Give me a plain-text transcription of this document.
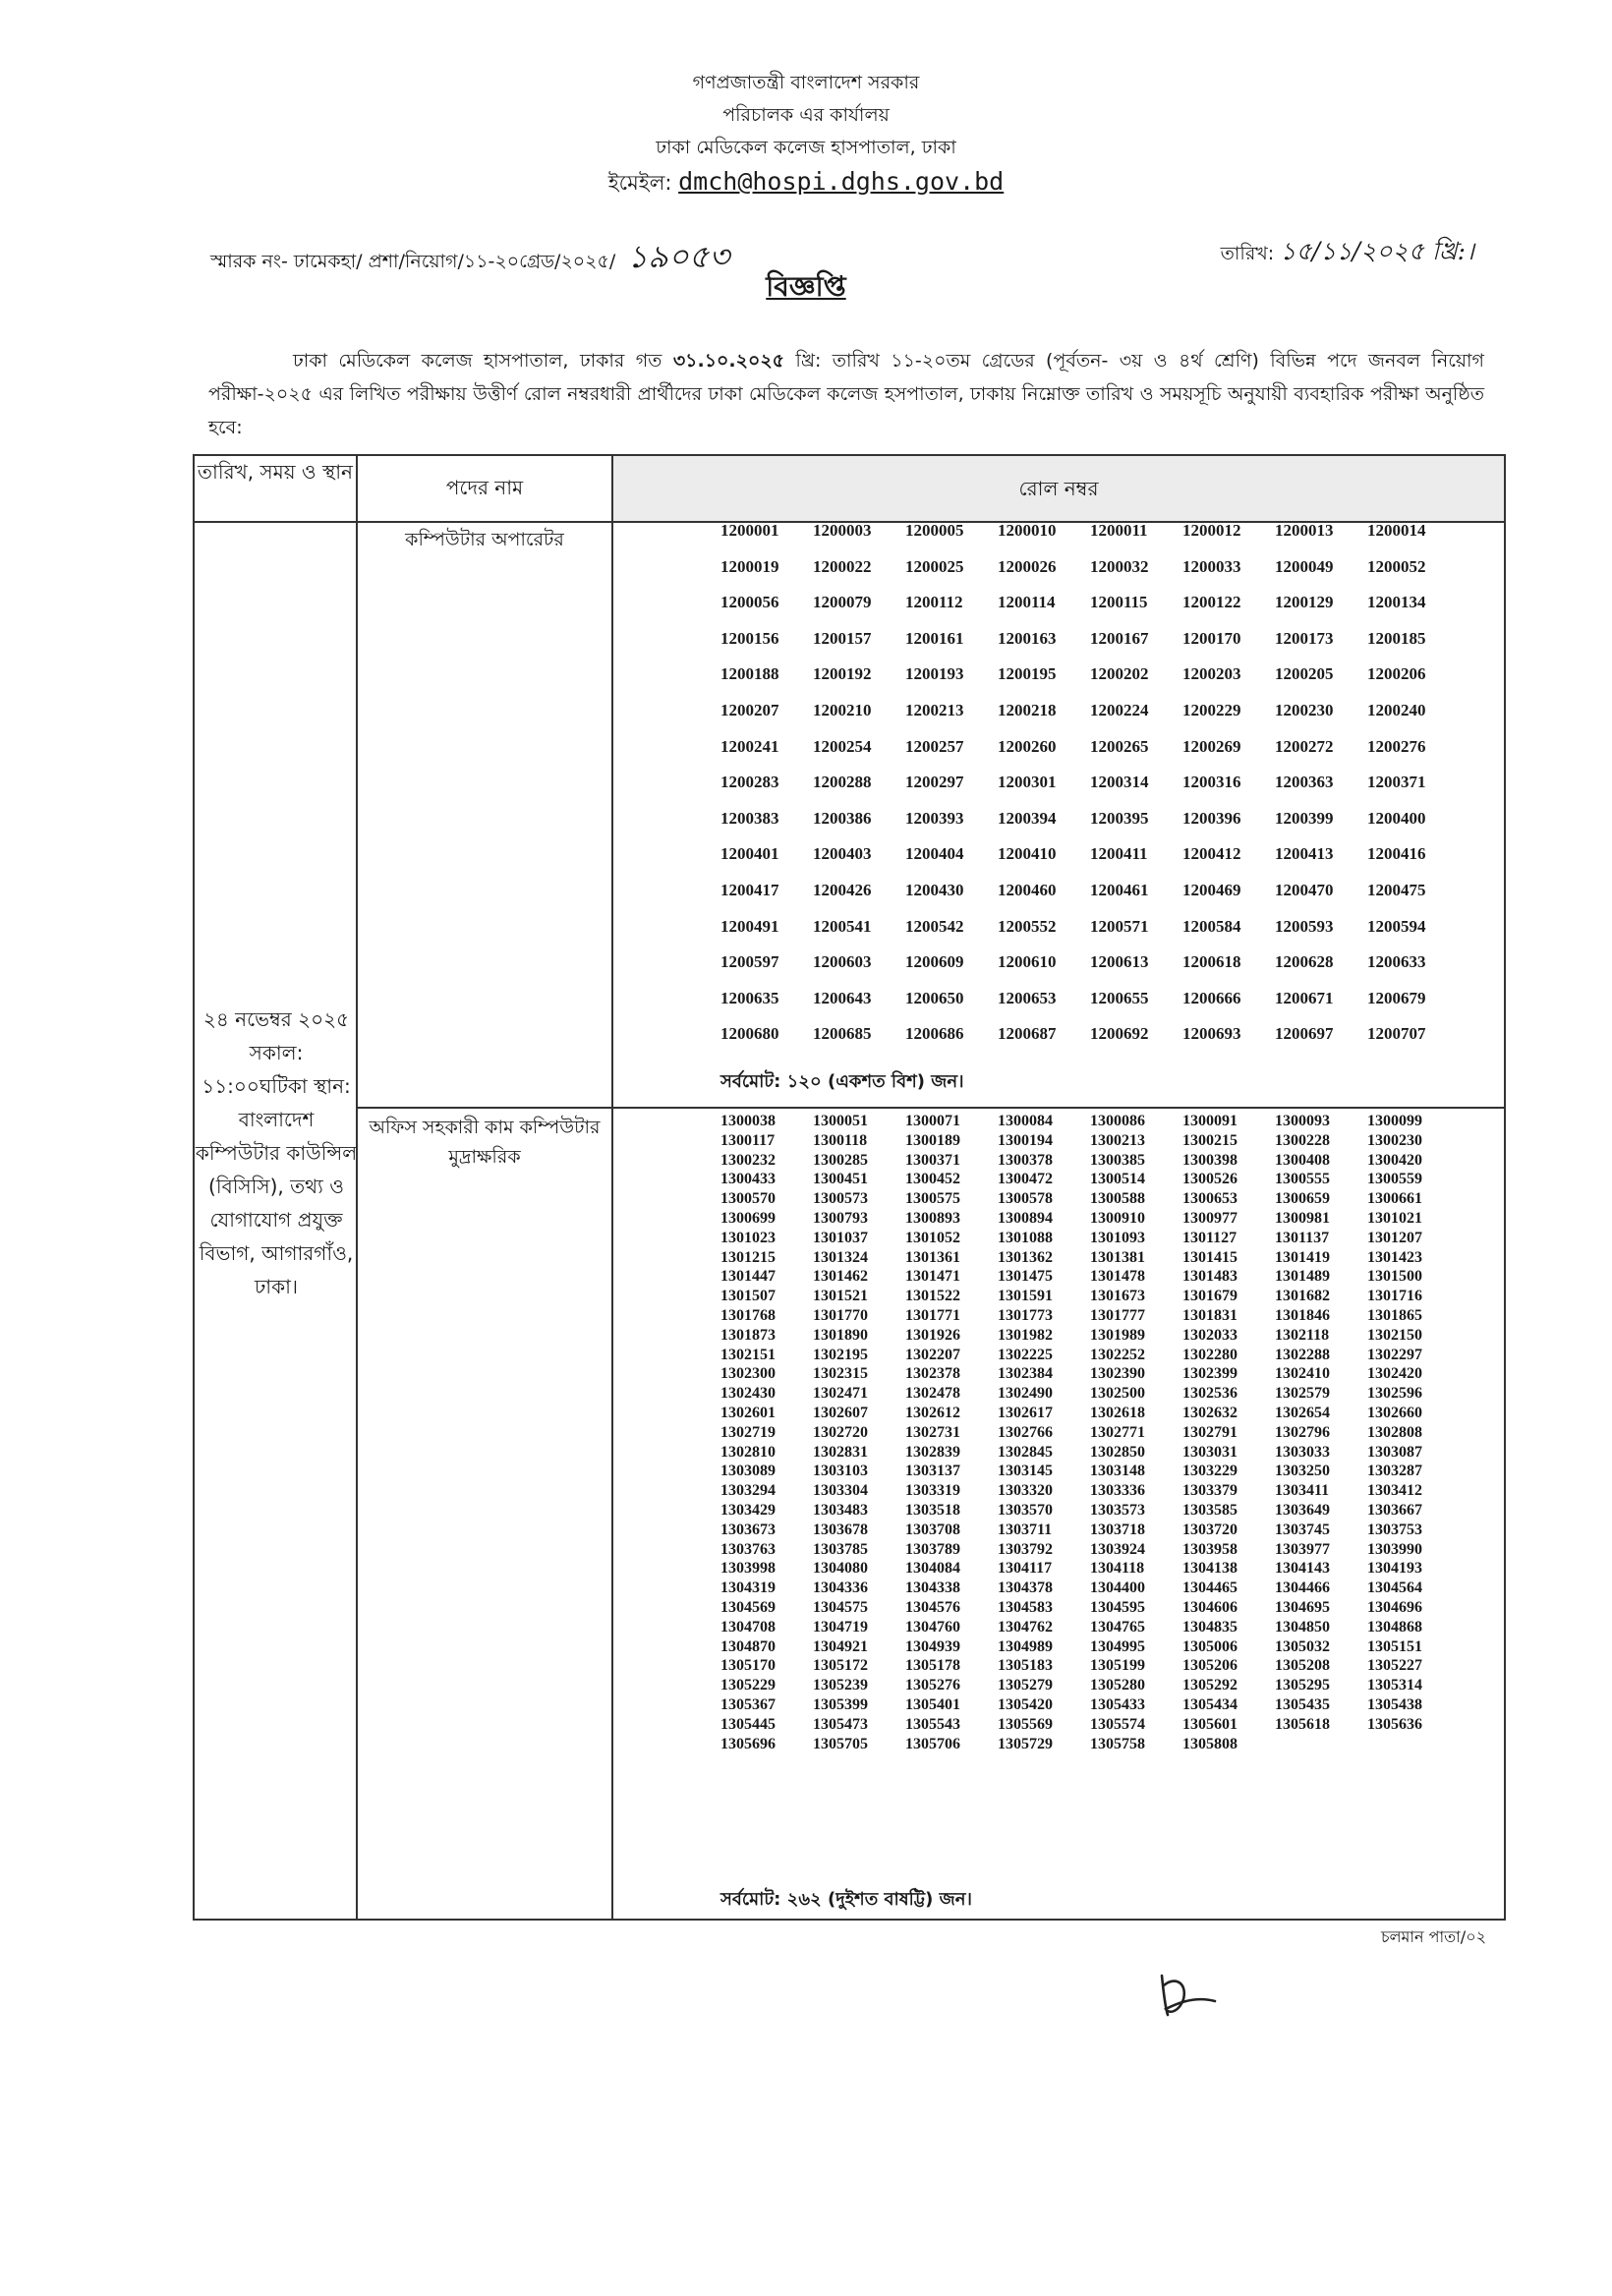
গণপ্রজাতন্ত্রী বাংলাদেশ সরকার
পরিচালক এর কার্যালয়
ঢাকা মেডিকেল কলেজ হাসপাতাল, ঢাকা
ইমেইল: dmch@hospi.dghs.gov.bd
স্মারক নং- ঢামেকহা/ প্রশা/নিয়োগ/১১-২০গ্রেড/২০২৫/ ১৯০৫৩	তারিখ: ১৫/১১/২০২৫ খ্রি:।
বিজ্ঞপ্তি

ঢাকা মেডিকেল কলেজ হাসপাতাল, ঢাকার গত ৩১.১০.২০২৫ খ্রি: তারিখ ১১-২০তম গ্রেডের (পূর্বতন- ৩য় ও ৪র্থ শ্রেণি) বিভিন্ন পদে জনবল নিয়োগ পরীক্ষা-২০২৫ এর লিখিত পরীক্ষায় উত্তীর্ণ রোল নম্বরধারী প্রার্থীদের ঢাকা মেডিকেল কলেজ হসপাতাল, ঢাকায় নিম্নোক্ত তারিখ ও সময়সূচি অনুযায়ী ব্যবহারিক পরীক্ষা অনুষ্ঠিত হবে:

তারিখ, সময় ও স্থান
পদের নাম	রোল নম্বর
২৪ নভেম্বর ২০২৫ সকাল: ১১:০০ঘটিকা স্থান: বাংলাদেশ কম্পিউটার কাউন্সিল (বিসিসি), তথ্য ও যোগাযোগ প্রযুক্ত বিভাগ, আগারগাঁও, ঢাকা।
কম্পিউটার অপারেটর	1200001	1200003	1200005	1200010	1200011	1200012	1200013	1200014
1200019	1200022	1200025	1200026	1200032	1200033	1200049	1200052
1200056	1200079	1200112	1200114	1200115	1200122	1200129	1200134
1200156	1200157	1200161	1200163	1200167	1200170	1200173	1200185
1200188	1200192	1200193	1200195	1200202	1200203	1200205	1200206
1200207	1200210	1200213	1200218	1200224	1200229	1200230	1200240
1200241	1200254	1200257	1200260	1200265	1200269	1200272	1200276
1200283	1200288	1200297	1200301	1200314	1200316	1200363	1200371
1200383	1200386	1200393	1200394	1200395	1200396	1200399	1200400
1200401	1200403	1200404	1200410	1200411	1200412	1200413	1200416
1200417	1200426	1200430	1200460	1200461	1200469	1200470	1200475
1200491	1200541	1200542	1200552	1200571	1200584	1200593	1200594
1200597	1200603	1200609	1200610	1200613	1200618	1200628	1200633
1200635	1200643	1200650	1200653	1200655	1200666	1200671	1200679
1200680	1200685	1200686	1200687	1200692	1200693	1200697	1200707
সর্বমোট: ১২০ (একশত বিশ) জন।
অফিস সহকারী কাম কম্পিউটার মুদ্রাক্ষরিক
1300038	1300051	1300071	1300084	1300086	1300091	1300093	1300099
1300117	1300118	1300189	1300194	1300213	1300215	1300228	1300230
1300232	1300285	1300371	1300378	1300385	1300398	1300408	1300420
1300433	1300451	1300452	1300472	1300514	1300526	1300555	1300559
1300570	1300573	1300575	1300578	1300588	1300653	1300659	1300661
1300699	1300793	1300893	1300894	1300910	1300977	1300981	1301021
1301023	1301037	1301052	1301088	1301093	1301127	1301137	1301207
1301215	1301324	1301361	1301362	1301381	1301415	1301419	1301423
1301447	1301462	1301471	1301475	1301478	1301483	1301489	1301500
1301507	1301521	1301522	1301591	1301673	1301679	1301682	1301716
1301768	1301770	1301771	1301773	1301777	1301831	1301846	1301865
1301873	1301890	1301926	1301982	1301989	1302033	1302118	1302150
1302151	1302195	1302207	1302225	1302252	1302280	1302288	1302297
1302300	1302315	1302378	1302384	1302390	1302399	1302410	1302420
1302430	1302471	1302478	1302490	1302500	1302536	1302579	1302596
1302601	1302607	1302612	1302617	1302618	1302632	1302654	1302660
1302719	1302720	1302731	1302766	1302771	1302791	1302796	1302808
1302810	1302831	1302839	1302845	1302850	1303031	1303033	1303087
1303089	1303103	1303137	1303145	1303148	1303229	1303250	1303287
1303294	1303304	1303319	1303320	1303336	1303379	1303411	1303412
1303429	1303483	1303518	1303570	1303573	1303585	1303649	1303667
1303673	1303678	1303708	1303711	1303718	1303720	1303745	1303753
1303763	1303785	1303789	1303792	1303924	1303958	1303977	1303990
1303998	1304080	1304084	1304117	1304118	1304138	1304143	1304193
1304319	1304336	1304338	1304378	1304400	1304465	1304466	1304564
1304569	1304575	1304576	1304583	1304595	1304606	1304695	1304696
1304708	1304719	1304760	1304762	1304765	1304835	1304850	1304868
1304870	1304921	1304939	1304989	1304995	1305006	1305032	1305151
1305170	1305172	1305178	1305183	1305199	1305206	1305208	1305227
1305229	1305239	1305276	1305279	1305280	1305292	1305295	1305314
1305367	1305399	1305401	1305420	1305433	1305434	1305435	1305438
1305445	1305473	1305543	1305569	1305574	1305601	1305618	1305636
1305696	1305705	1305706	1305729	1305758	1305808
সর্বমোট: ২৬২ (দুইশত বাষট্টি) জন।
চলমান পাতা/০২
